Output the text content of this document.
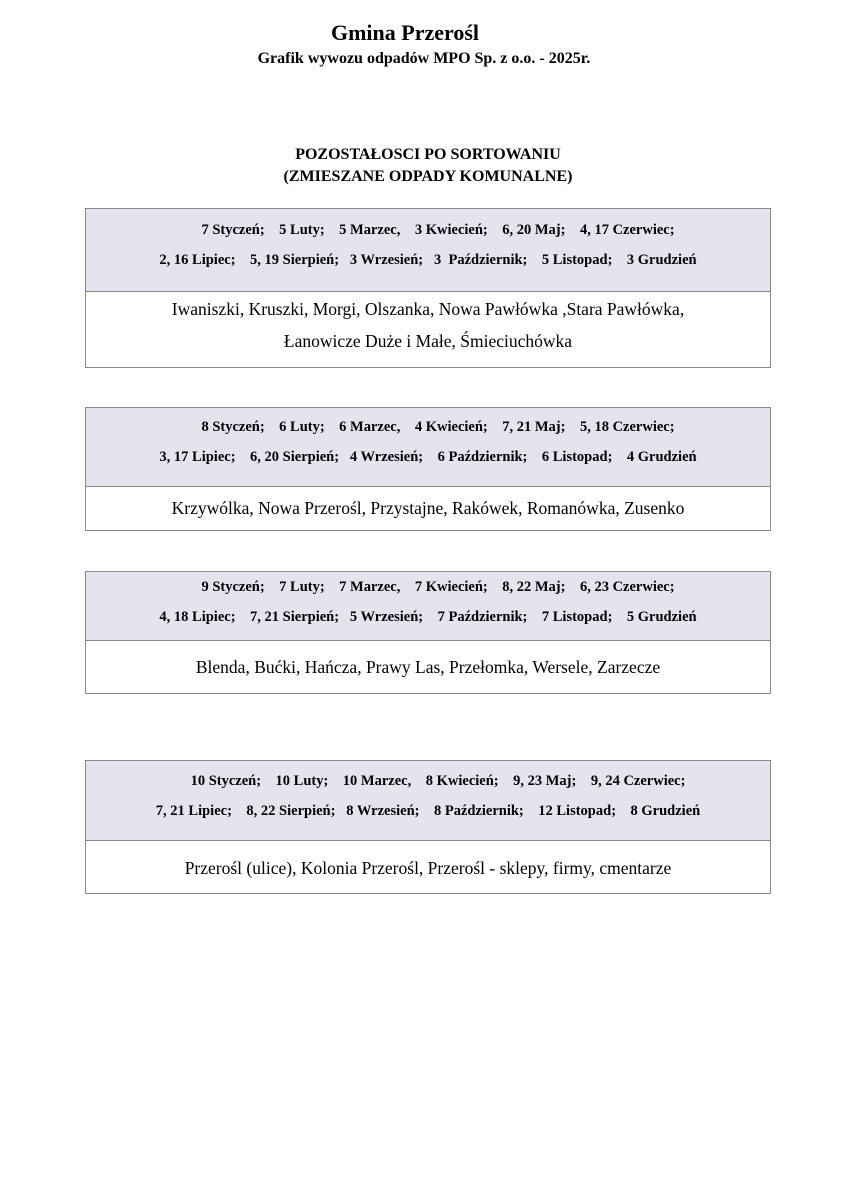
Gmina Przerośl
Grafik wywozu odpadów MPO Sp. z o.o. - 2025r.
POZOSTAŁOSCI PO SORTOWANIU
(ZMIESZANE ODPADY KOMUNALNE)
7 Styczeń;    5 Luty;    5 Marzec,    3 Kwiecień;    6, 20 Maj;    4, 17 Czerwiec;
2, 16 Lipiec;    5, 19 Sierpień;   3 Wrzesień;   3  Październik;    5 Listopad;    3 Grudzień
Iwaniszki, Kruszki, Morgi, Olszanka, Nowa Pawłówka ,Stara Pawłówka,
Łanowicze Duże i Małe, Śmieciuchówka
8 Styczeń;    6 Luty;    6 Marzec,    4 Kwiecień;    7, 21 Maj;    5, 18 Czerwiec;
3, 17 Lipiec;    6, 20 Sierpień;   4 Wrzesień;    6 Październik;    6 Listopad;    4 Grudzień
Krzywólka, Nowa Przerośl, Przystajne, Rakówek, Romanówka, Zusenko
9 Styczeń;    7 Luty;    7 Marzec,    7 Kwiecień;    8, 22 Maj;    6, 23 Czerwiec;
4, 18 Lipiec;    7, 21 Sierpień;   5 Wrzesień;    7 Październik;    7 Listopad;    5 Grudzień
Blenda, Bućki, Hańcza, Prawy Las, Przełomka, Wersele, Zarzecze
10 Styczeń;    10 Luty;    10 Marzec,    8 Kwiecień;    9, 23 Maj;    9, 24 Czerwiec;
7, 21 Lipiec;    8, 22 Sierpień;   8 Wrzesień;    8 Październik;    12 Listopad;    8 Grudzień
Przerośl (ulice), Kolonia Przerośl, Przerośl - sklepy, firmy, cmentarze
